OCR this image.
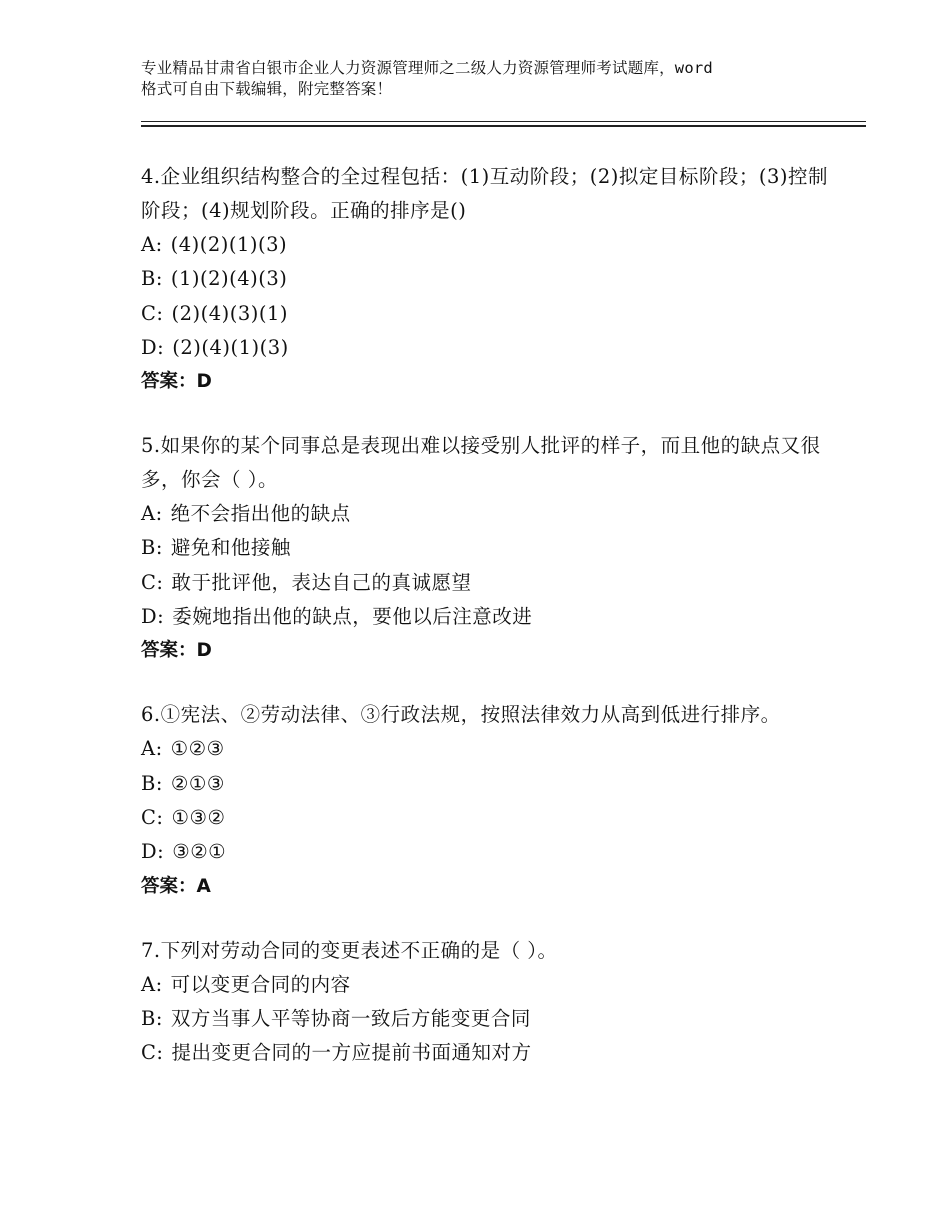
专业精品甘肃省白银市企业人力资源管理师之二级人力资源管理师考试题库，word
格式可自由下载编辑，附完整答案！

4.企业组织结构整合的全过程包括：(1)互动阶段；(2)拟定目标阶段；(3)控制阶段；(4)规划阶段。正确的排序是()

A: (4)(2)(1)(3)

B: (1)(2)(4)(3)

C: (2)(4)(3)(1)

D: (2)(4)(1)(3)

答案：D

5.如果你的某个同事总是表现出难以接受别人批评的样子，而且他的缺点又很多，你会（ ）。

A: 绝不会指出他的缺点

B: 避免和他接触

C: 敢于批评他，表达自己的真诚愿望

D: 委婉地指出他的缺点，要他以后注意改进

答案：D

6.①宪法、②劳动法律、③行政法规，按照法律效力从高到低进行排序。

A: ①②③

B: ②①③

C: ①③②

D: ③②①

答案：A

7.下列对劳动合同的变更表述不正确的是（ ）。

A: 可以变更合同的内容

B: 双方当事人平等协商一致后方能变更合同

C: 提出变更合同的一方应提前书面通知对方
